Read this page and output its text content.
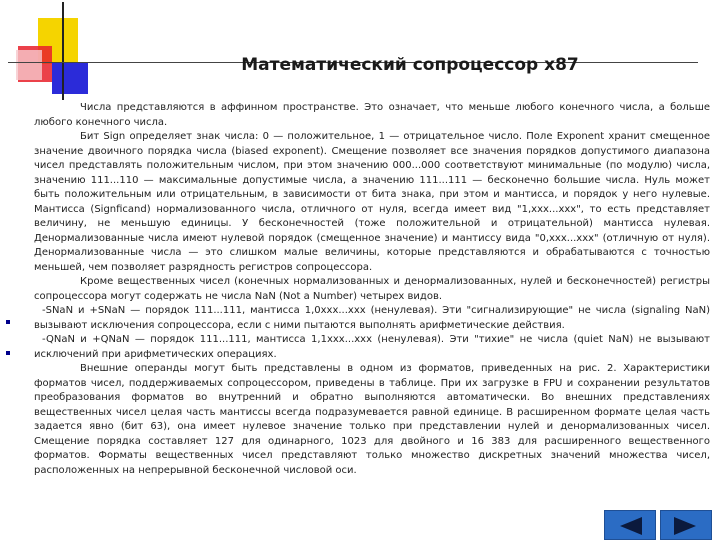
Математический сопроцессор x87

Числа представляются в аффинном пространстве. Это означает, что меньше любого конечного числа, а больше любого конечного числа.

Бит Sign определяет знак числа: 0 — положительное, 1 — отрицательное число. Поле Exponent хранит смещенное значение двоичного порядка числа (biased exponent). Смещение позволяет все значения порядков допустимого диапазона чисел представлять положительным числом, при этом значению 000...000 соответствуют минимальные (по модулю) числа, значению 111...110 — максимальные допустимые числа, а значению 111...111 — бесконечно большие числа. Нуль может быть положительным или отрицательным, в зависимости от бита знака, при этом и мантисса, и порядок у него нулевые. Мантисса (Signficand) нормализованного числа, отличного от нуля, всегда имеет вид "1,xxx...xxx", то есть представляет величину, не меньшую единицы. У бесконечностей (тоже положительной и отрицательной) мантисса нулевая. Денормализованные числа имеют нулевой порядок (смещенное значение) и мантиссу вида "0,xxx...xxx" (отличную от нуля). Денормализованные числа — это слишком малые величины, которые представляются и обрабатываются с точностью меньшей, чем позволяет разрядность регистров сопроцессора.

Кроме вещественных чисел (конечных нормализованных и денормализованных, нулей и бесконечностей) регистры сопроцессора могут содержать не числа NaN (Not a Number) четырех видов.

-SNaN и +SNaN — порядок 111...111, мантисса 1,0xxx...xxx (ненулевая). Эти "сигнализирующие" не числа (signaling NaN) вызывают исключения сопроцессора, если с ними пытаются выполнять арифметические действия.

-QNaN и +QNaN — порядок 111...111, мантисса 1,1xxx...xxx (ненулевая). Эти "тихие" не числа (quiet NaN) не вызывают исключений при арифметических операциях.

Внешние операнды могут быть представлены в одном из форматов, приведенных на рис. 2. Характеристики форматов чисел, поддерживаемых сопроцессором, приведены в таблице. При их загрузке в FPU и сохранении результатов преобразования форматов во внутренний и обратно выполняются автоматически. Во внешних представлениях вещественных чисел целая часть мантиссы всегда подразумевается равной единице. В расширенном формате целая часть задается явно (бит 63), она имеет нулевое значение только при представлении нулей и денормализованных чисел. Смещение порядка составляет 127 для одинарного, 1023 для двойного и 16 383 для расширенного вещественного форматов. Форматы вещественных чисел представляют только множество дискретных значений множества чисел, расположенных на непрерывной бесконечной числовой оси.
